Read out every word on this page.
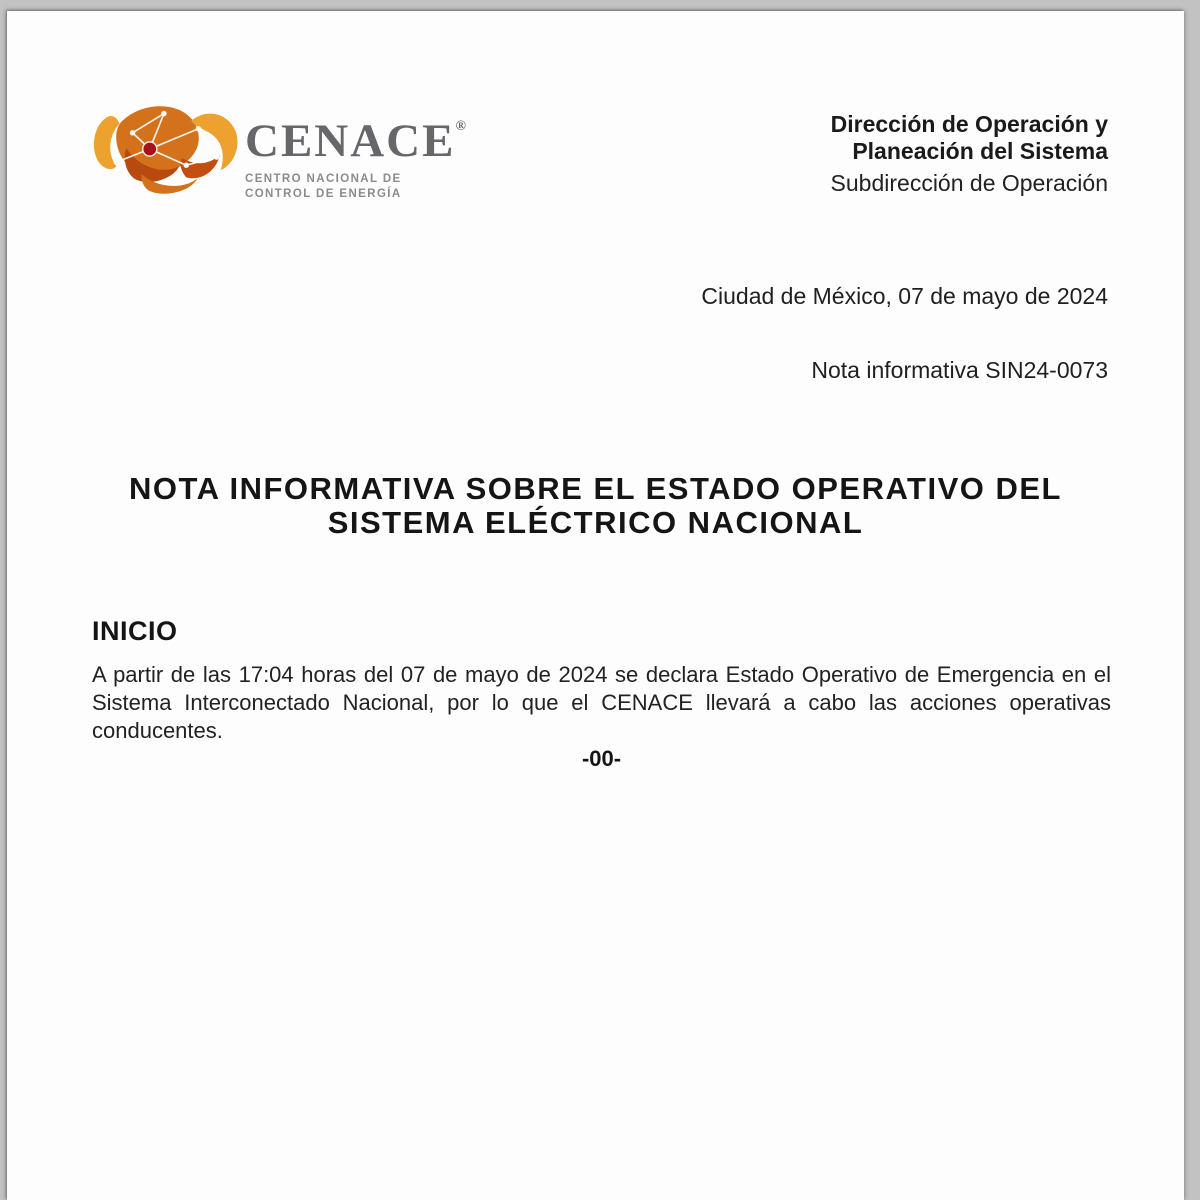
CENACE®
CENTRO NACIONAL DE
CONTROL DE ENERGÍA
Dirección de Operación y
Planeación del Sistema
Subdirección de Operación
Ciudad de México, 07 de mayo de 2024
Nota informativa SIN24-0073
NOTA INFORMATIVA SOBRE EL ESTADO OPERATIVO DEL
SISTEMA ELÉCTRICO NACIONAL
INICIO
A partir de las 17:04 horas del 07 de mayo de 2024 se declara Estado Operativo de Emergencia en el Sistema Interconectado Nacional, por lo que el CENACE llevará a cabo las acciones operativas conducentes.
-00-
